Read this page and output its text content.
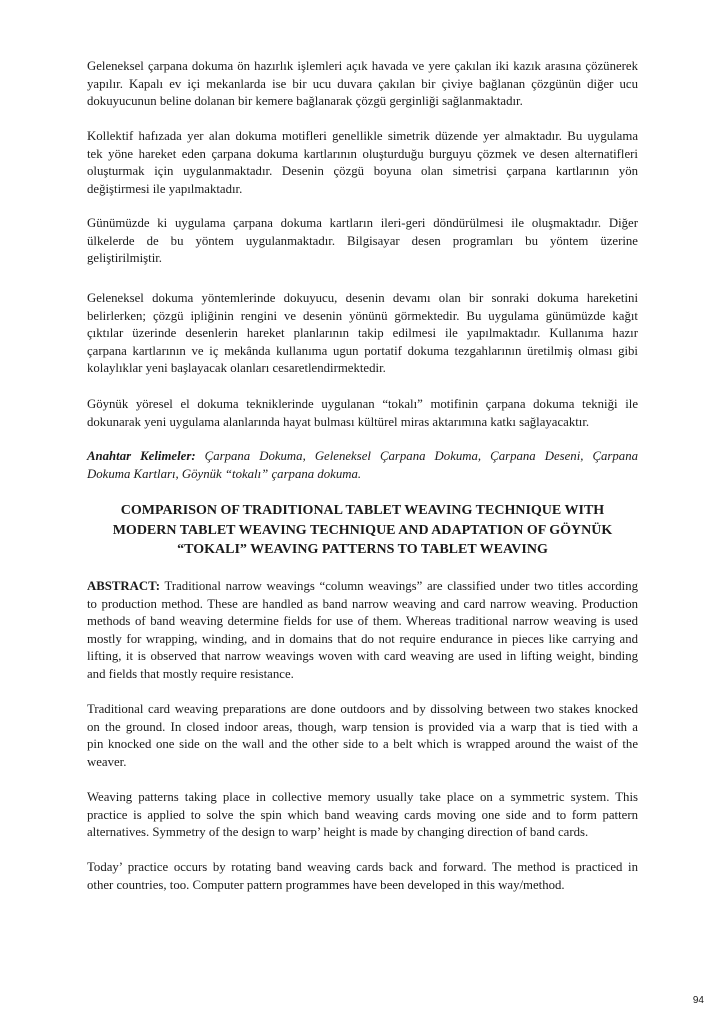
Geleneksel çarpana dokuma ön hazırlık işlemleri açık havada ve yere çakılan iki kazık arasına çözünerek
yapılır. Kapalı ev içi mekanlarda ise bir ucu duvara çakılan bir çiviye bağlanan çözgünün diğer ucu
dokuyucunun beline dolanan bir kemere bağlanarak çözgü gerginliği sağlanmaktadır.
Kollektif hafızada yer alan dokuma motifleri genellikle simetrik düzende yer almaktadır. Bu uygulama
tek yöne hareket eden çarpana dokuma kartlarının oluşturduğu burguyu çözmek ve desen alternatifleri
oluşturmak için uygulanmaktadır. Desenin çözgü boyuna olan simetrisi çarpana kartlarının yön
değiştirmesi ile yapılmaktadır.
Günümüzde ki uygulama çarpana dokuma kartların ileri-geri döndürülmesi ile oluşmaktadır. Diğer
ülkelerde de bu yöntem uygulanmaktadır. Bilgisayar desen programları bu yöntem üzerine
geliştirilmiştir.
Geleneksel dokuma yöntemlerinde dokuyucu, desenin devamı olan bir sonraki dokuma hareketini
belirlerken; çözgü ipliğinin rengini ve desenin yönünü görmektedir. Bu uygulama günümüzde kağıt
çıktılar üzerinde desenlerin hareket planlarının takip edilmesi ile yapılmaktadır. Kullanıma hazır
çarpana kartlarının ve iç mekânda kullanıma ugun portatif dokuma tezgahlarının üretilmiş olması gibi
kolaylıklar yeni başlayacak olanları cesaretlendirmektedir.
Göynük yöresel el dokuma tekniklerinde uygulanan “tokalı” motifinin çarpana dokuma tekniği ile
dokunarak yeni uygulama alanlarında hayat bulması kültürel miras aktarımına katkı sağlayacaktır.
Anahtar Kelimeler: Çarpana Dokuma, Geleneksel Çarpana Dokuma, Çarpana Deseni, Çarpana
Dokuma Kartları, Göynük “tokalı” çarpana dokuma.
COMPARISON OF TRADITIONAL TABLET WEAVING TECHNIQUE WITH
MODERN TABLET WEAVING TECHNIQUE AND ADAPTATION OF GÖYNÜK
“TOKALI” WEAVING PATTERNS TO TABLET WEAVING
ABSTRACT: Traditional narrow weavings “column weavings” are classified under two titles according
to production method. These are handled as band narrow weaving and card narrow weaving. Production
methods of band weaving determine fields for use of them. Whereas traditional narrow weaving is used
mostly for wrapping, winding, and in domains that do not require endurance in pieces like carrying and
lifting, it is observed that narrow weavings woven with card weaving are used in lifting weight, binding
and fields that mostly require resistance.
Traditional card weaving preparations are done outdoors and by dissolving between two stakes knocked
on the ground. In closed indoor areas, though, warp tension is provided via a warp that is tied with a
pin knocked one side on the wall and the other side to a belt which is wrapped around the waist of the
weaver.
Weaving patterns taking place in collective memory usually take place on a symmetric system. This
practice is applied to solve the spin which band weaving cards moving one side and to form pattern
alternatives. Symmetry of the design to warp’ height is made by changing direction of band cards.
Today’ practice occurs by rotating band weaving cards back and forward. The method is practiced in
other countries, too. Computer pattern programmes have been developed in this way/method.
94
